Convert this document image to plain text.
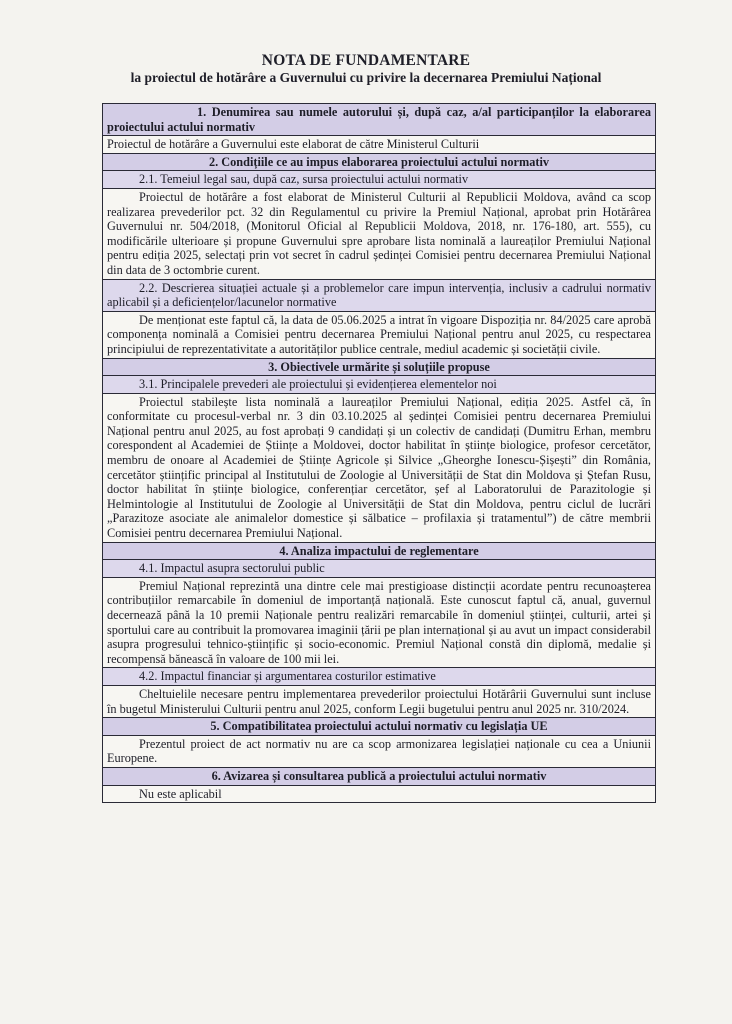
NOTA DE FUNDAMENTARE
la proiectul de hotărâre a Guvernului cu privire la decernarea Premiului Național
1. Denumirea sau numele autorului și, după caz, a/al participanților la elaborarea proiectului actului normativ
Proiectul de hotărâre a Guvernului este elaborat de către Ministerul Culturii
2. Condițiile ce au impus elaborarea proiectului actului normativ
2.1. Temeiul legal sau, după caz, sursa proiectului actului normativ
Proiectul de hotărâre a fost elaborat de Ministerul Culturii al Republicii Moldova, având ca scop realizarea prevederilor pct. 32 din Regulamentul cu privire la Premiul Național, aprobat prin Hotărârea Guvernului nr. 504/2018, (Monitorul Oficial al Republicii Moldova, 2018, nr. 176-180, art. 555), cu modificările ulterioare și propune Guvernului spre aprobare lista nominală a laureaților Premiului Național pentru ediția 2025, selectați prin vot secret în cadrul ședinței Comisiei pentru decernarea Premiului Național din data de 3 octombrie curent.
2.2. Descrierea situației actuale și a problemelor care impun intervenția, inclusiv a cadrului normativ aplicabil și a deficiențelor/lacunelor normative
De menționat este faptul că, la data de 05.06.2025 a intrat în vigoare Dispoziția nr. 84/2025 care aprobă componența nominală a Comisiei pentru decernarea Premiului Național pentru anul 2025, cu respectarea principiului de reprezentativitate a autorităților publice centrale, mediul academic și societății civile.
3. Obiectivele urmărite și soluțiile propuse
3.1. Principalele prevederi ale proiectului și evidențierea elementelor noi
Proiectul stabilește lista nominală a laureaților Premiului Național, ediția 2025. Astfel că, în conformitate cu procesul-verbal nr. 3 din 03.10.2025 al ședinței Comisiei pentru decernarea Premiului Național pentru anul 2025, au fost aprobați 9 candidați și un colectiv de candidați (Dumitru Erhan, membru corespondent al Academiei de Științe a Moldovei, doctor habilitat în științe biologice, profesor cercetător, membru de onoare al Academiei de Științe Agricole și Silvice „Gheorghe Ionescu-Șișești” din România, cercetător științific principal al Institutului de Zoologie al Universității de Stat din Moldova și Ștefan Rusu, doctor habilitat în științe biologice, conferențiar cercetător, șef al Laboratorului de Parazitologie și Helmintologie al Institutului de Zoologie al Universității de Stat din Moldova, pentru ciclul de lucrări „Parazitoze asociate ale animalelor domestice și sălbatice – profilaxia și tratamentul”) de către membrii Comisiei pentru decernarea Premiului Național.
4. Analiza impactului de reglementare
4.1. Impactul asupra sectorului public
Premiul Național reprezintă una dintre cele mai prestigioase distincții acordate pentru recunoașterea contribuțiilor remarcabile în domeniul de importanță națională. Este cunoscut faptul că, anual, guvernul decernează până la 10 premii Naționale pentru realizări remarcabile în domeniul științei, culturii, artei și sportului care au contribuit la promovarea imaginii țării pe plan internațional și au avut un impact considerabil asupra progresului tehnico-științific și socio-economic. Premiul Național constă din diplomă, medalie și recompensă bănească în valoare de 100 mii lei.
4.2. Impactul financiar și argumentarea costurilor estimative
Cheltuielile necesare pentru implementarea prevederilor proiectului Hotărârii Guvernului sunt incluse în bugetul Ministerului Culturii pentru anul 2025, conform Legii bugetului pentru anul 2025 nr. 310/2024.
5. Compatibilitatea proiectului actului normativ cu legislația UE
Prezentul proiect de act normativ nu are ca scop armonizarea legislației naționale cu cea a Uniunii Europene.
6. Avizarea și consultarea publică a proiectului actului normativ
Nu este aplicabil
